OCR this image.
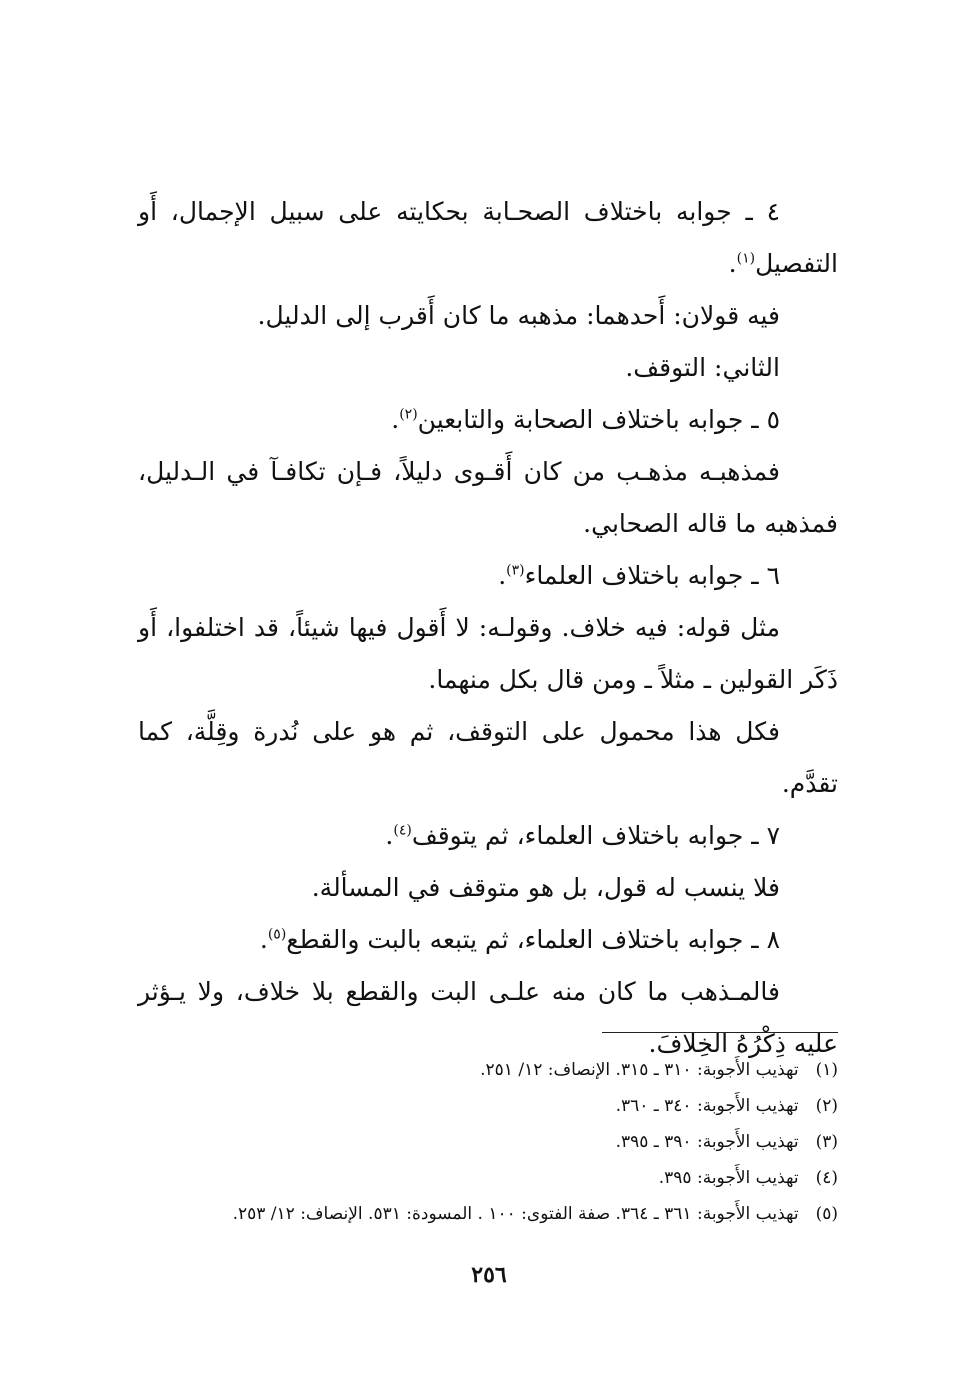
٤ ـ جوابه باختلاف الصحـابة بحكايته على سبيل الإجمال، أَو التفصيل$^{(١)}$.

فيه قولان: أَحدهما: مذهبه ما كان أَقرب إلى الدليل.

الثاني: التوقف.

٥ ـ جوابه باختلاف الصحابة والتابعين$^{(٢)}$.

فمذهبـه مذهـب من كان أَقـوى دليلاً، فـإن تكافـآ في الـدليل، فمذهبه ما قاله الصحابي.

٦ ـ جوابه باختلاف العلماء$^{(٣)}$.

مثل قوله: فيه خلاف. وقولـه: لا أَقول فيها شيئاً، قد اختلفوا، أَو ذَكَر القولين ـ مثلاً ـ ومن قال بكل منهما.

فكل هذا محمول على التوقف، ثم هو على نُدرة وقِلَّة، كما تقدَّم.

٧ ـ جوابه باختلاف العلماء، ثم يتوقف$^{(٤)}$.

فلا ينسب له قول، بل هو متوقف في المسألة.

٨ ـ جوابه باختلاف العلماء، ثم يتبعه بالبت والقطع$^{(٥)}$.

فالمـذهب ما كان منه علـى البت والقطع بلا خلاف، ولا يـؤثر عليه ذِكْرُهُ الخِلافَ.

(١) تهذيب الأَجوبة: ٣١٠ ـ ٣١٥. الإنصاف: ١٢/ ٢٥١.

(٢) تهذيب الأَجوبة: ٣٤٠ ـ ٣٦٠.

(٣) تهذيب الأَجوبة: ٣٩٠ ـ ٣٩٥.

(٤) تهذيب الأَجوبة: ٣٩٥.

(٥) تهذيب الأَجوبة: ٣٦١ ـ ٣٦٤. صفة الفتوى: ١٠٠ . المسودة: ٥٣١. الإنصاف: ١٢/ ٢٥٣.

٢٥٦
